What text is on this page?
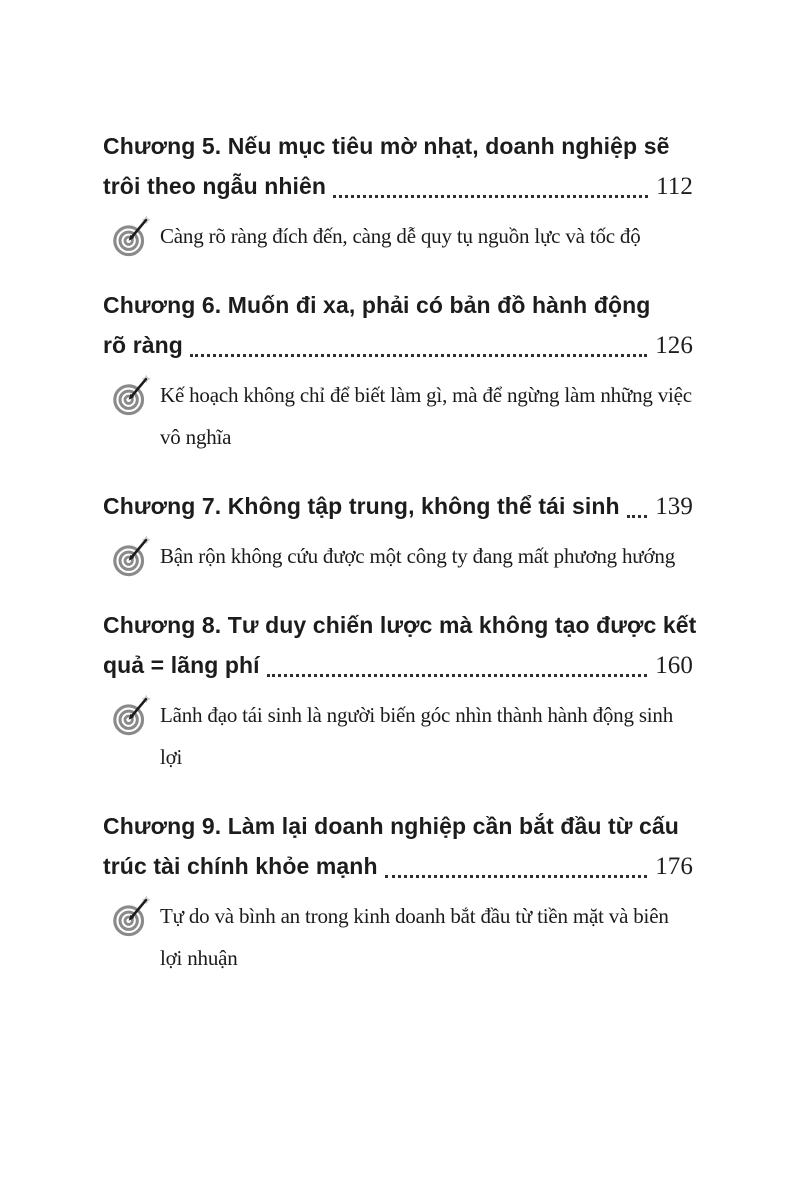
Chương 5. Nếu mục tiêu mờ nhạt, doanh nghiệp sẽ
trôi theo ngẫu nhiên	112

Càng rõ ràng đích đến, càng dễ quy tụ nguồn lực và tốc độ

Chương 6. Muốn đi xa, phải có bản đồ hành động
rõ ràng	126

Kế hoạch không chỉ để biết làm gì, mà để ngừng làm những việc vô nghĩa

Chương 7. Không tập trung, không thể tái sinh 139

Bận rộn không cứu được một công ty đang mất phương hướng

Chương 8. Tư duy chiến lược mà không tạo được kết
quả = lãng phí	160

Lãnh đạo tái sinh là người biến góc nhìn thành hành động sinh lợi

Chương 9. Làm lại doanh nghiệp cần bắt đầu từ cấu
trúc tài chính khỏe mạnh	176

Tự do và bình an trong kinh doanh bắt đầu từ tiền mặt và biên lợi nhuận
